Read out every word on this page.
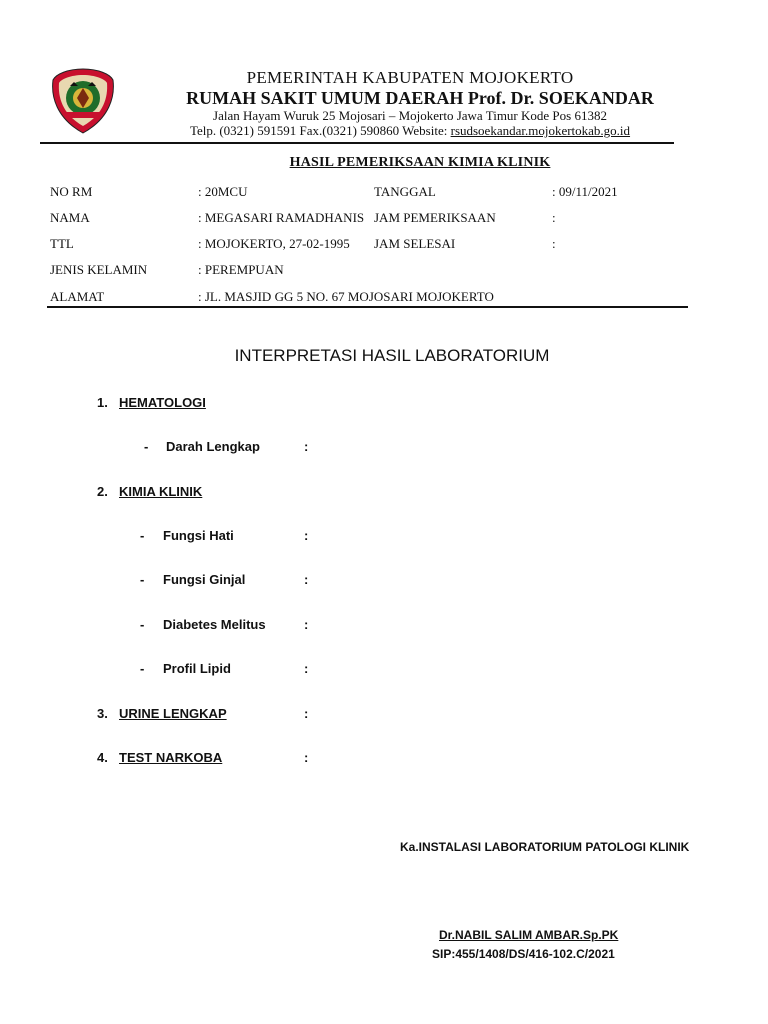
PEMERINTAH KABUPATEN MOJOKERTO
RUMAH SAKIT UMUM DAERAH Prof. Dr. SOEKANDAR
Jalan Hayam Wuruk 25 Mojosari – Mojokerto Jawa Timur Kode Pos 61382
Telp. (0321) 591591 Fax.(0321) 590860 Website: rsudsoekandar.mojokertokab.go.id
HASIL PEMERIKSAAN KIMIA KLINIK
NO RM	: 20MCU	TANGGAL	: 09/11/2021
NAMA	: MEGASARI RAMADHANIS JAM PEMERIKSAAN	:
TTL	: MOJOKERTO, 27-02-1995 JAM SELESAI	:
JENIS KELAMIN	: PEREMPUAN
ALAMAT	: JL. MASJID GG 5 NO. 67 MOJOSARI MOJOKERTO
INTERPRETASI HASIL LABORATORIUM
1. HEMATOLOGI
- Darah Lengkap	:
2. KIMIA KLINIK
- Fungsi Hati	:
- Fungsi Ginjal	:
- Diabetes Melitus	:
- Profil Lipid	:
3. URINE LENGKAP	:
4. TEST NARKOBA	:
Ka.INSTALASI LABORATORIUM PATOLOGI KLINIK
Dr.NABIL SALIM AMBAR.Sp.PK
SIP:455/1408/DS/416-102.C/2021
